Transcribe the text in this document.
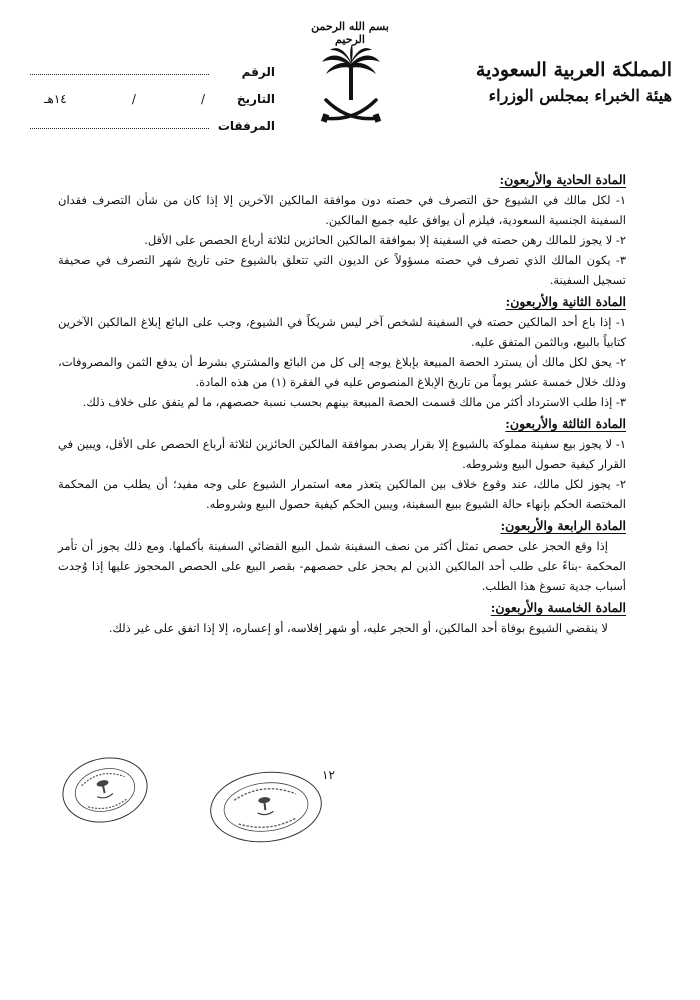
بسم الله الرحمن الرحيم
المملكة العربية السعودية
هيئة الخبراء بمجلس الوزراء
الرقم
التاريخ
/
/
١٤هـ
المرفقات
المادة الحادية والأربعون:

١- لكل مالك في الشيوع حق التصرف في حصته دون موافقة المالكين الآخرين إلا إذا كان من شأن التصرف فقدان السفينة الجنسية السعودية، فيلزم أن يوافق عليه جميع المالكين.

٢- لا يجوز للمالك رهن حصته في السفينة إلا بموافقة المالكين الحائزين لثلاثة أرباع الحصص على الأقل.

٣- يكون المالك الذي تصرف في حصته مسؤولاً عن الديون التي تتعلق بالشيوع حتى تاريخ شهر التصرف في صحيفة تسجيل السفينة.

المادة الثانية والأربعون:

١- إذا باع أحد المالكين حصته في السفينة لشخص آخر ليس شريكاً في الشيوع، وجب على البائع إبلاغ المالكين الآخرين كتابياً بالبيع، وبالثمن المتفق عليه.

٢- يحق لكل مالك أن يسترد الحصة المبيعة بإبلاغ يوجه إلى كل من البائع والمشتري بشرط أن يدفع الثمن والمصروفات، وذلك خلال خمسة عشر يوماً من تاريخ الإبلاغ المنصوص عليه في الفقرة (١) من هذه المادة.

٣- إذا طلب الاسترداد أكثر من مالك قسمت الحصة المبيعة بينهم بحسب نسبة حصصهم، ما لم يتفق على خلاف ذلك.

المادة الثالثة والأربعون:

١- لا يجوز بيع سفينة مملوكة بالشيوع إلا بقرار يصدر بموافقة المالكين الحائزين لثلاثة أرباع الحصص على الأقل، ويبين في القرار كيفية حصول البيع وشروطه.

٢- يجوز لكل مالك، عند وقوع خلاف بين المالكين يتعذر معه استمرار الشيوع على وجه مفيد؛ أن يطلب من المحكمة المختصة الحكم بإنهاء حالة الشيوع ببيع السفينة، ويبين الحكم كيفية حصول البيع وشروطه.

المادة الرابعة والأربعون:

إذا وقع الحجز على حصص تمثل أكثر من نصف السفينة شمل البيع القضائي السفينة بأكملها. ومع ذلك يجوز أن تأمر المحكمة -بناءً على طلب أحد المالكين الذين لم يحجز على حصصهم- بقصر البيع على الحصص المحجوز عليها إذا وُجدت أسباب جدية تسوغ هذا الطلب.

المادة الخامسة والأربعون:

لا ينقضي الشيوع بوفاة أحد المالكين، أو الحجر عليه، أو شهر إفلاسه، أو إعساره، إلا إذا اتفق على غير ذلك.

١٢
